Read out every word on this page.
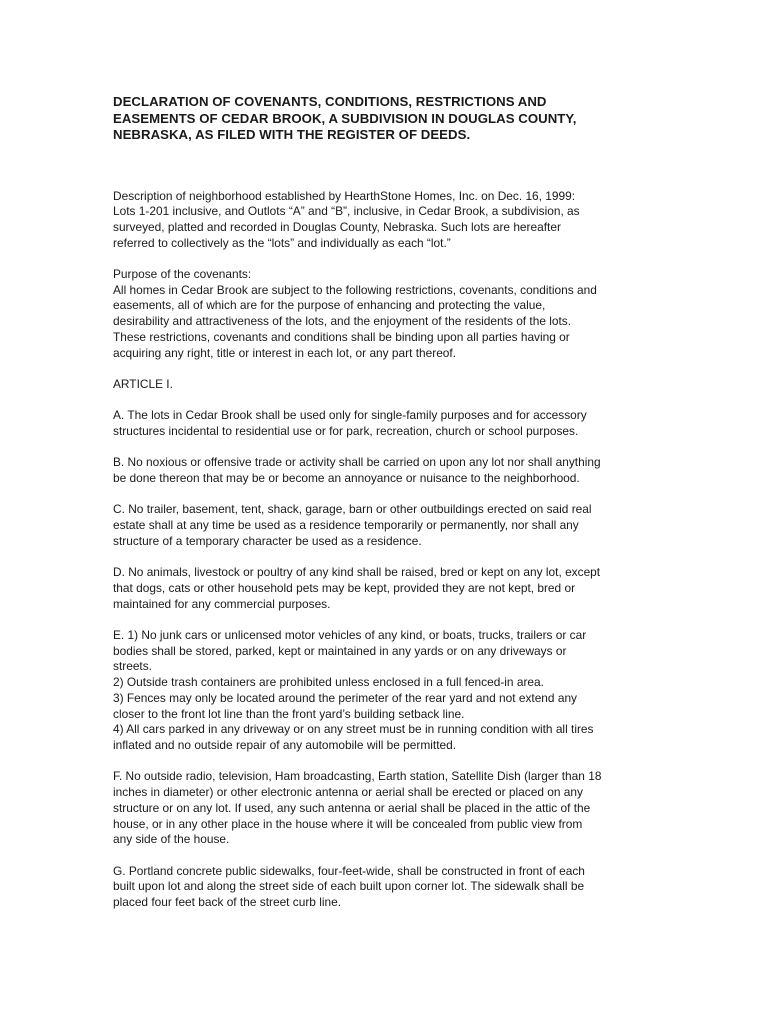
DECLARATION OF COVENANTS, CONDITIONS, RESTRICTIONS AND
EASEMENTS OF CEDAR BROOK, A SUBDIVISION IN DOUGLAS COUNTY,
NEBRASKA, AS FILED WITH THE REGISTER OF DEEDS.

Description of neighborhood established by HearthStone Homes, Inc. on Dec. 16, 1999:
Lots 1-201 inclusive, and Outlots “A” and “B”, inclusive, in Cedar Brook, a subdivision, as
surveyed, platted and recorded in Douglas County, Nebraska. Such lots are hereafter
referred to collectively as the “lots” and individually as each “lot.”

Purpose of the covenants:
All homes in Cedar Brook are subject to the following restrictions, covenants, conditions and
easements, all of which are for the purpose of enhancing and protecting the value,
desirability and attractiveness of the lots, and the enjoyment of the residents of the lots.
These restrictions, covenants and conditions shall be binding upon all parties having or
acquiring any right, title or interest in each lot, or any part thereof.

ARTICLE I.

A. The lots in Cedar Brook shall be used only for single-family purposes and for accessory
structures incidental to residential use or for park, recreation, church or school purposes.

B. No noxious or offensive trade or activity shall be carried on upon any lot nor shall anything
be done thereon that may be or become an annoyance or nuisance to the neighborhood.

C. No trailer, basement, tent, shack, garage, barn or other outbuildings erected on said real
estate shall at any time be used as a residence temporarily or permanently, nor shall any
structure of a temporary character be used as a residence.

D. No animals, livestock or poultry of any kind shall be raised, bred or kept on any lot, except
that dogs, cats or other household pets may be kept, provided they are not kept, bred or
maintained for any commercial purposes.

E. 1) No junk cars or unlicensed motor vehicles of any kind, or boats, trucks, trailers or car
bodies shall be stored, parked, kept or maintained in any yards or on any driveways or
streets.
2) Outside trash containers are prohibited unless enclosed in a full fenced-in area.
3) Fences may only be located around the perimeter of the rear yard and not extend any
closer to the front lot line than the front yard’s building setback line.
4) All cars parked in any driveway or on any street must be in running condition with all tires
inflated and no outside repair of any automobile will be permitted.

F. No outside radio, television, Ham broadcasting, Earth station, Satellite Dish (larger than 18
inches in diameter) or other electronic antenna or aerial shall be erected or placed on any
structure or on any lot. If used, any such antenna or aerial shall be placed in the attic of the
house, or in any other place in the house where it will be concealed from public view from
any side of the house.

G. Portland concrete public sidewalks, four-feet-wide, shall be constructed in front of each
built upon lot and along the street side of each built upon corner lot. The sidewalk shall be
placed four feet back of the street curb line.
